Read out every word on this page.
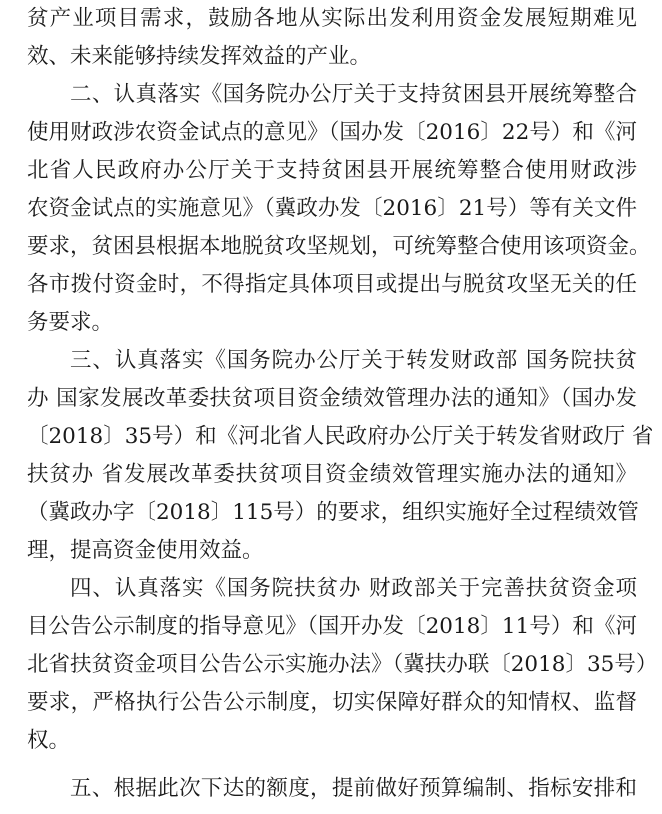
贫产业项目需求，鼓励各地从实际出发利用资金发展短期难见
效、未来能够持续发挥效益的产业。
二、认真落实《国务院办公厅关于支持贫困县开展统筹整合
使用财政涉农资金试点的意见》（国办发〔2016〕22号）和《河
北省人民政府办公厅关于支持贫困县开展统筹整合使用财政涉
农资金试点的实施意见》（冀政办发〔2016〕21号）等有关文件
要求，贫困县根据本地脱贫攻坚规划，可统筹整合使用该项资金。
各市拨付资金时，不得指定具体项目或提出与脱贫攻坚无关的任
务要求。
三、认真落实《国务院办公厅关于转发财政部 国务院扶贫
办 国家发展改革委扶贫项目资金绩效管理办法的通知》（国办发
〔2018〕35号）和《河北省人民政府办公厅关于转发省财政厅 省
扶贫办 省发展改革委扶贫项目资金绩效管理实施办法的通知》
（冀政办字〔2018〕115号）的要求，组织实施好全过程绩效管
理，提高资金使用效益。
四、认真落实《国务院扶贫办 财政部关于完善扶贫资金项
目公告公示制度的指导意见》（国开办发〔2018〕11号）和《河
北省扶贫资金项目公告公示实施办法》（冀扶办联〔2018〕35号）
要求，严格执行公告公示制度，切实保障好群众的知情权、监督
权。
五、根据此次下达的额度，提前做好预算编制、指标安排和
